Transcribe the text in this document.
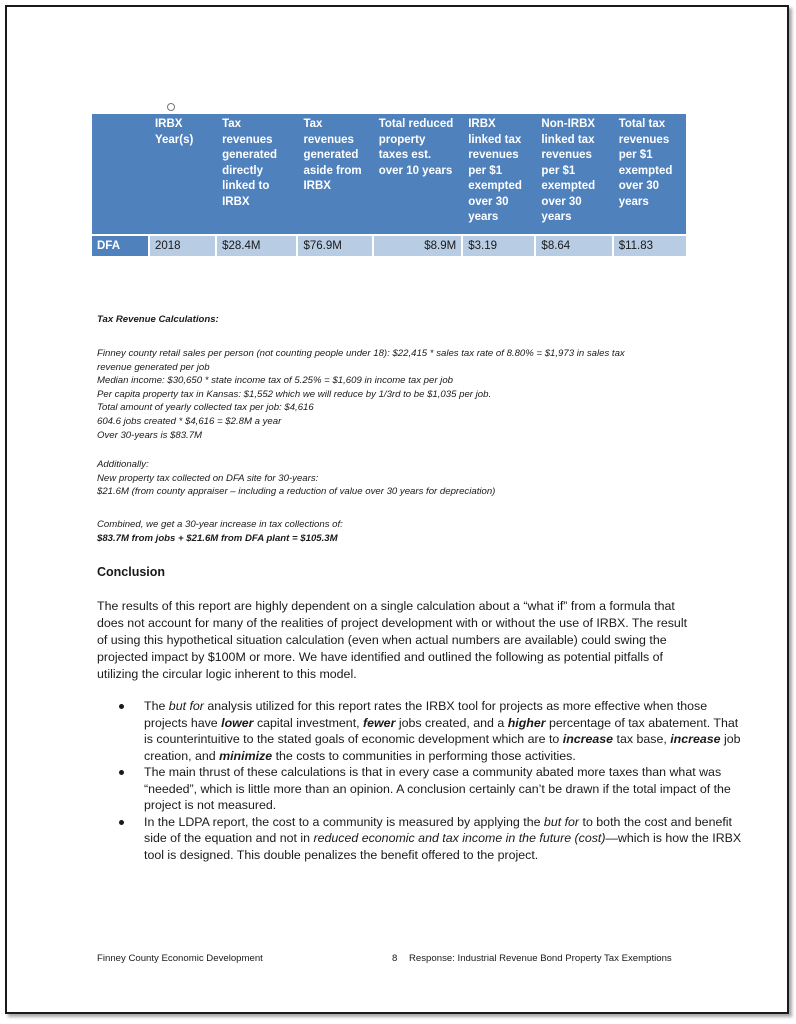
	IRBX Year(s)	Tax revenues generated directly linked to IRBX	Tax revenues generated aside from IRBX	Total reduced property taxes est. over 10 years	IRBX linked tax revenues per $1 exempted over 30 years	Non-IRBX linked tax revenues per $1 exempted over 30 years	Total tax revenues per $1 exempted over 30 years
DFA	2018	$28.4M	$76.9M	$8.9M	$3.19	$8.64	$11.83
Tax Revenue Calculations:
Finney county retail sales per person (not counting people under 18): $22,415 * sales tax rate of 8.80% = $1,973 in sales tax
revenue generated per job
Median income: $30,650 * state income tax of 5.25% = $1,609 in income tax per job
Per capita property tax in Kansas: $1,552 which we will reduce by 1/3rd to be $1,035 per job.
Total amount of yearly collected tax per job: $4,616
604.6 jobs created * $4,616 = $2.8M a year
Over 30-years is $83.7M
Additionally:
New property tax collected on DFA site for 30-years:
$21.6M (from county appraiser – including a reduction of value over 30 years for depreciation)
Combined, we get a 30-year increase in tax collections of:
$83.7M from jobs + $21.6M from DFA plant = $105.3M
Conclusion
The results of this report are highly dependent on a single calculation about a “what if” from a formula that does not account for many of the realities of project development with or without the use of IRBX. The result of using this hypothetical situation calculation (even when actual numbers are available) could swing the projected impact by $100M or more. We have identified and outlined the following as potential pitfalls of utilizing the circular logic inherent to this model.
The but for analysis utilized for this report rates the IRBX tool for projects as more effective when those projects have lower capital investment, fewer jobs created, and a higher percentage of tax abatement. That is counterintuitive to the stated goals of economic development which are to increase tax base, increase job creation, and minimize the costs to communities in performing those activities.
The main thrust of these calculations is that in every case a community abated more taxes than what was “needed”, which is little more than an opinion. A conclusion certainly can’t be drawn if the total impact of the project is not measured.
In the LDPA report, the cost to a community is measured by applying the but for to both the cost and benefit side of the equation and not in reduced economic and tax income in the future (cost)—which is how the IRBX tool is designed. This double penalizes the benefit offered to the project.
Finney County Economic Development	8 Response: Industrial Revenue Bond Property Tax Exemptions
